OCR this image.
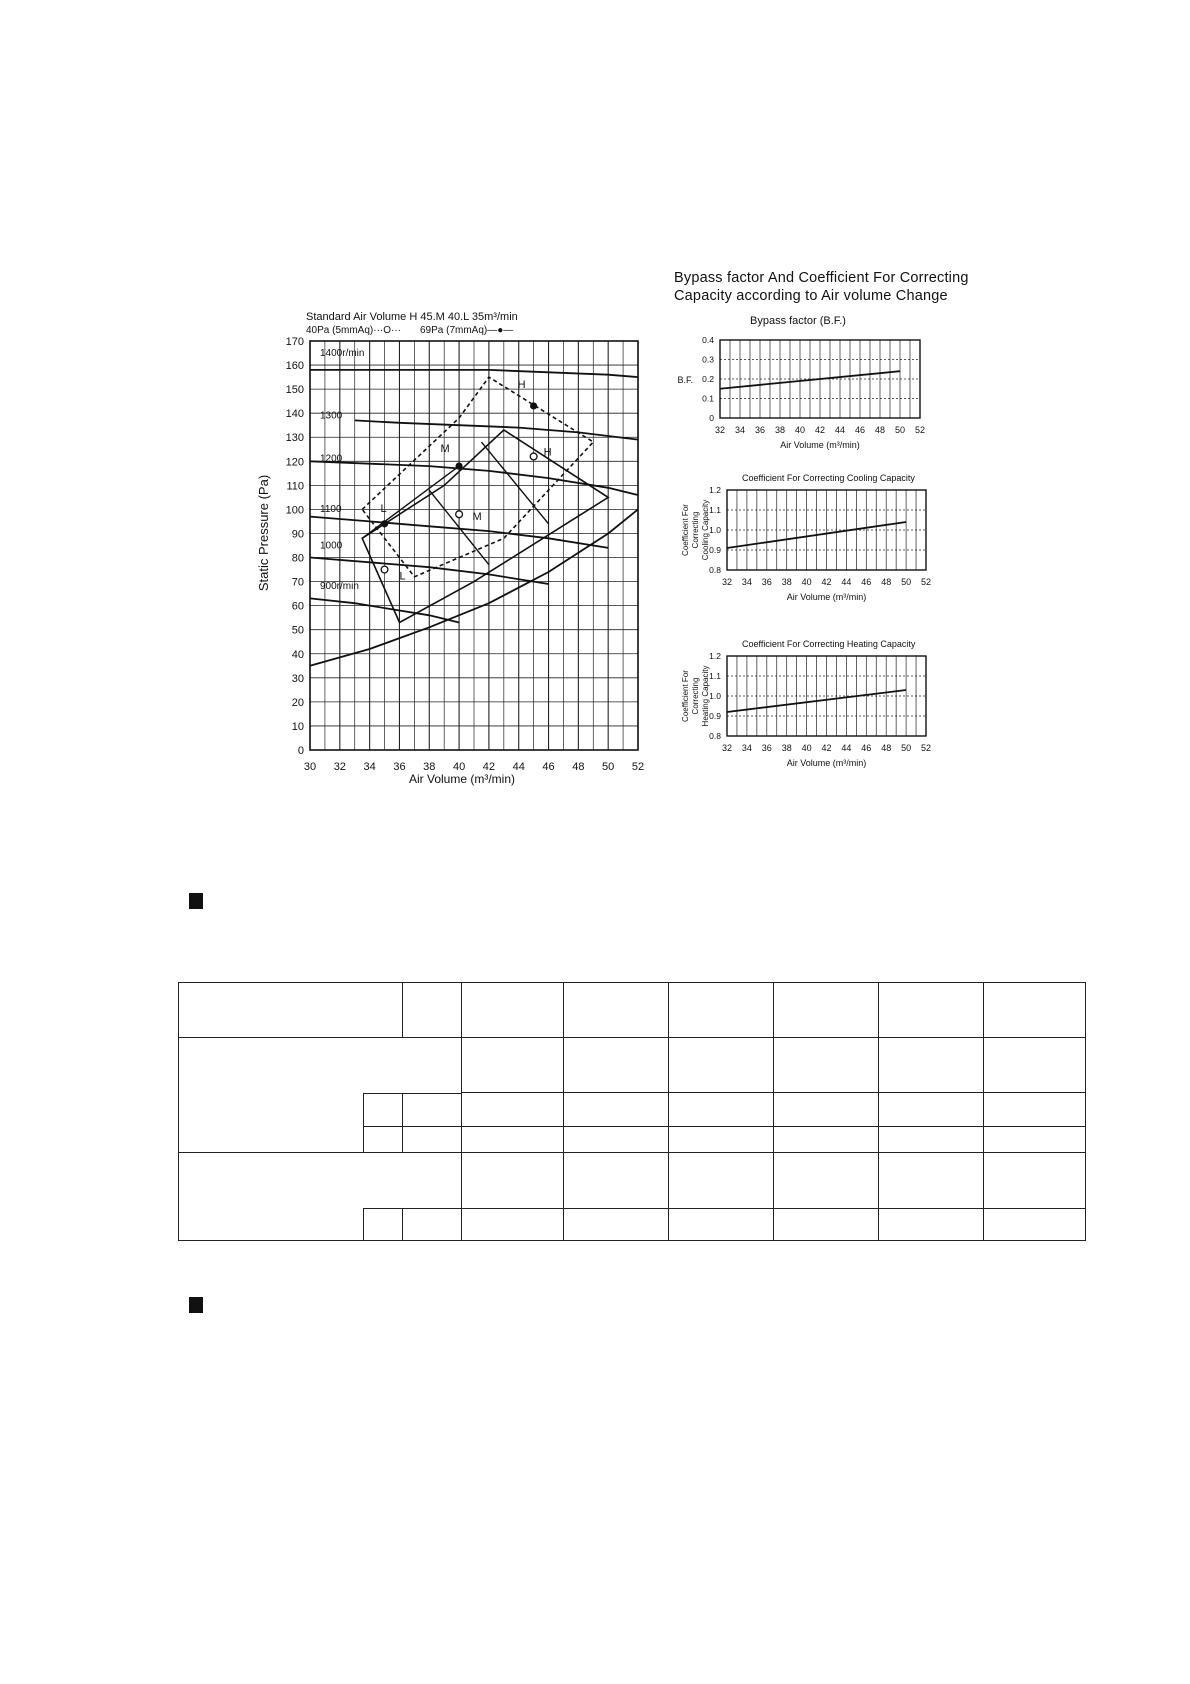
Standard Air Volume H 45.M 40.L 35m³/min
40Pa (5mmAq)···O··· 69Pa (7mmAq)—●—
Static Pressure (Pa)
Air Volume (m³/min)
0
10
20
30
40
50
60
70
80
90
100
110
120
130
140
150
160
170
30 32 34 36 38 40 42 44 46 48 50 52
H
M
L
H
M
L
1400r/min
1300
1200
1100
1000
900r/min
Bypass factor And Coefficient For Correcting
Capacity according to Air volume Change
Bypass factor (B.F.)
0
0.1
0.2
0.3
0.4
32 34 36 38 40 42 44 46 48 50 52
Air Volume (m³/min)
B.F.
Coefficient For Correcting Cooling Capacity
0.8
0.9
1.0
1.1
1.2
32 34 36 38 40 42 44 46 48 50 52
Air Volume (m³/min)
Coefficient For Correcting Cooling Capacity
Coefficient For Correcting Heating Capacity
0.8
0.9
1.0
1.1
1.2
32 34 36 38 40 42 44 46 48 50 52
Air Volume (m³/min)
Coefficient For Correcting Heating Capacity
